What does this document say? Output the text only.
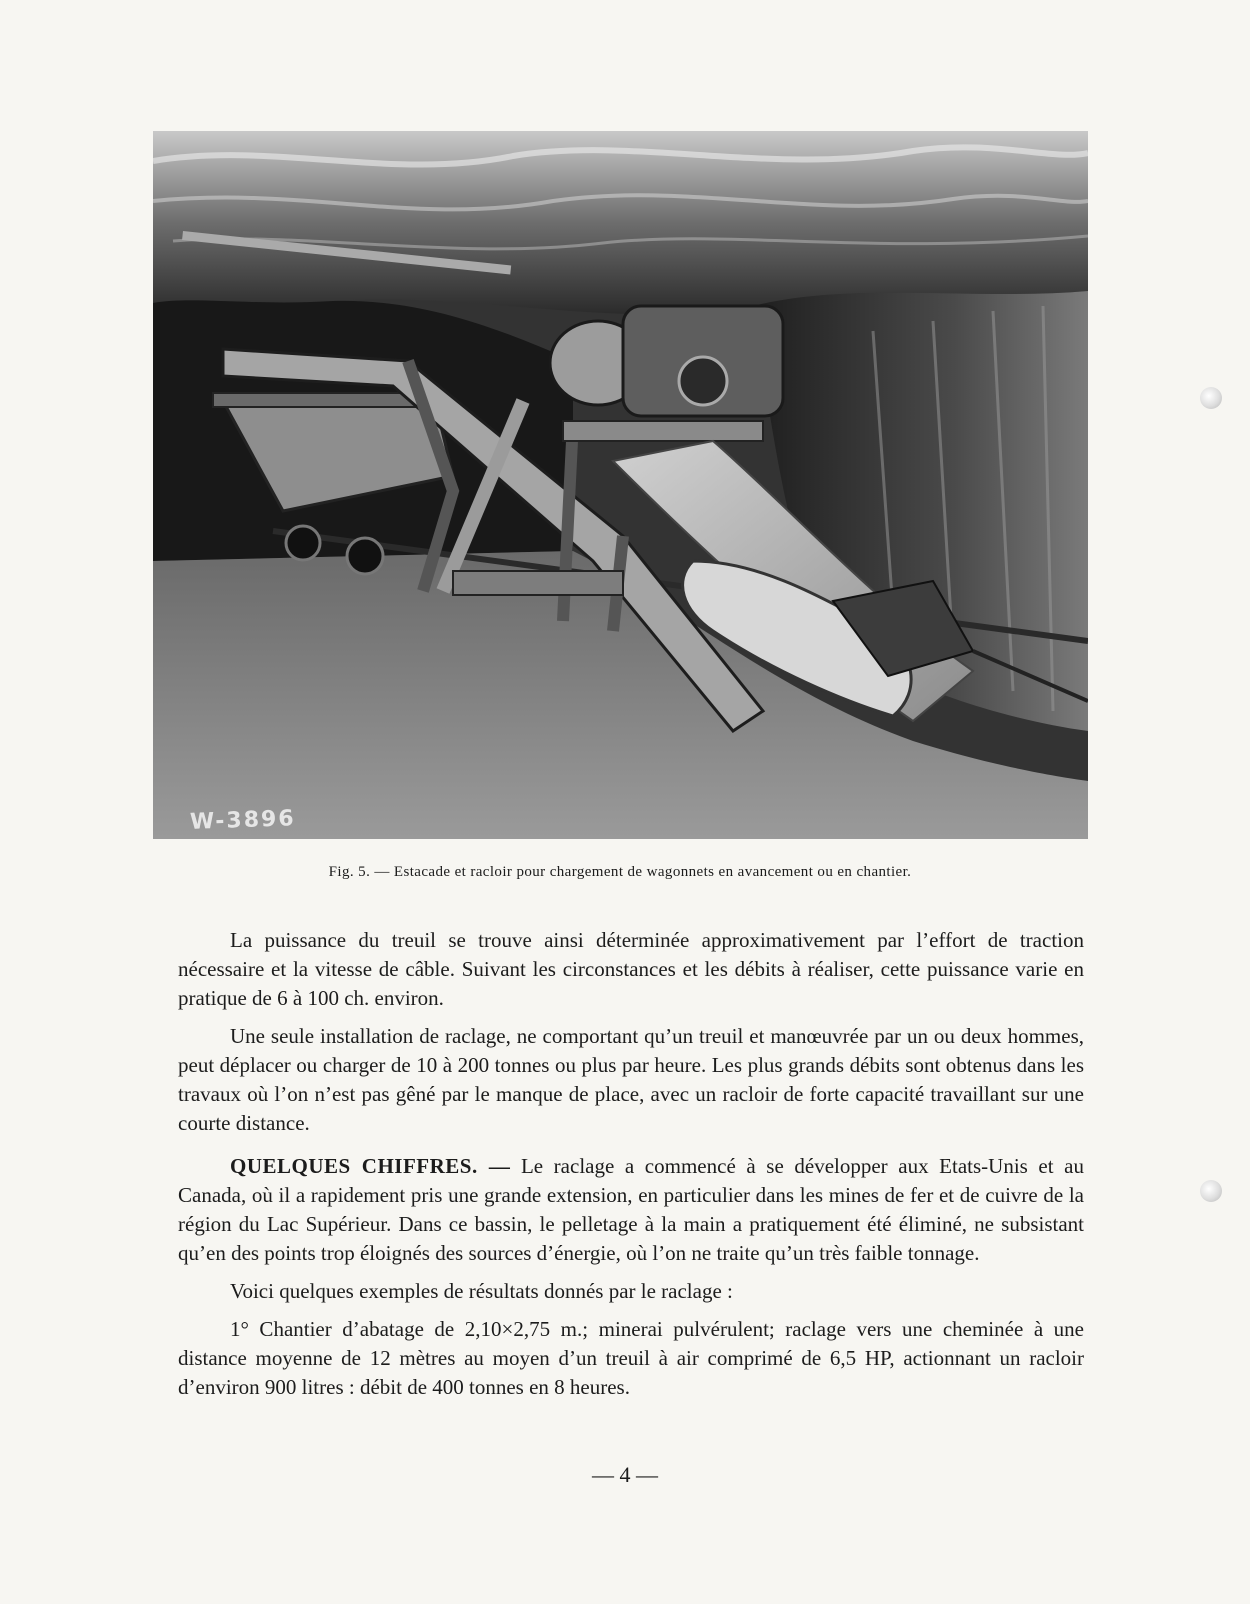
W-3896
Fig. 5. — Estacade et racloir pour chargement de wagonnets en avancement ou en chantier.

La puissance du treuil se trouve ainsi déterminée approximativement par l’effort de traction nécessaire et la vitesse de câble. Suivant les circonstances et les débits à réaliser, cette puissance varie en pratique de 6 à 100 ch. environ.

Une seule installation de raclage, ne comportant qu’un treuil et manœuvrée par un ou deux hommes, peut déplacer ou charger de 10 à 200 tonnes ou plus par heure. Les plus grands débits sont obtenus dans les travaux où l’on n’est pas gêné par le manque de place, avec un racloir de forte capacité travaillant sur une courte distance.

QUELQUES CHIFFRES. — Le raclage a commencé à se développer aux Etats-Unis et au Canada, où il a rapidement pris une grande extension, en particulier dans les mines de fer et de cuivre de la région du Lac Supérieur. Dans ce bassin, le pelletage à la main a pratiquement été éliminé, ne subsistant qu’en des points trop éloignés des sources d’énergie, où l’on ne traite qu’un très faible tonnage.

Voici quelques exemples de résultats donnés par le raclage :

1° Chantier d’abatage de 2,10×2,75 m.; minerai pulvérulent; raclage vers une cheminée à une distance moyenne de 12 mètres au moyen d’un treuil à air comprimé de 6,5 HP, actionnant un racloir d’environ 900 litres : débit de 400 tonnes en 8 heures.

— 4 —
